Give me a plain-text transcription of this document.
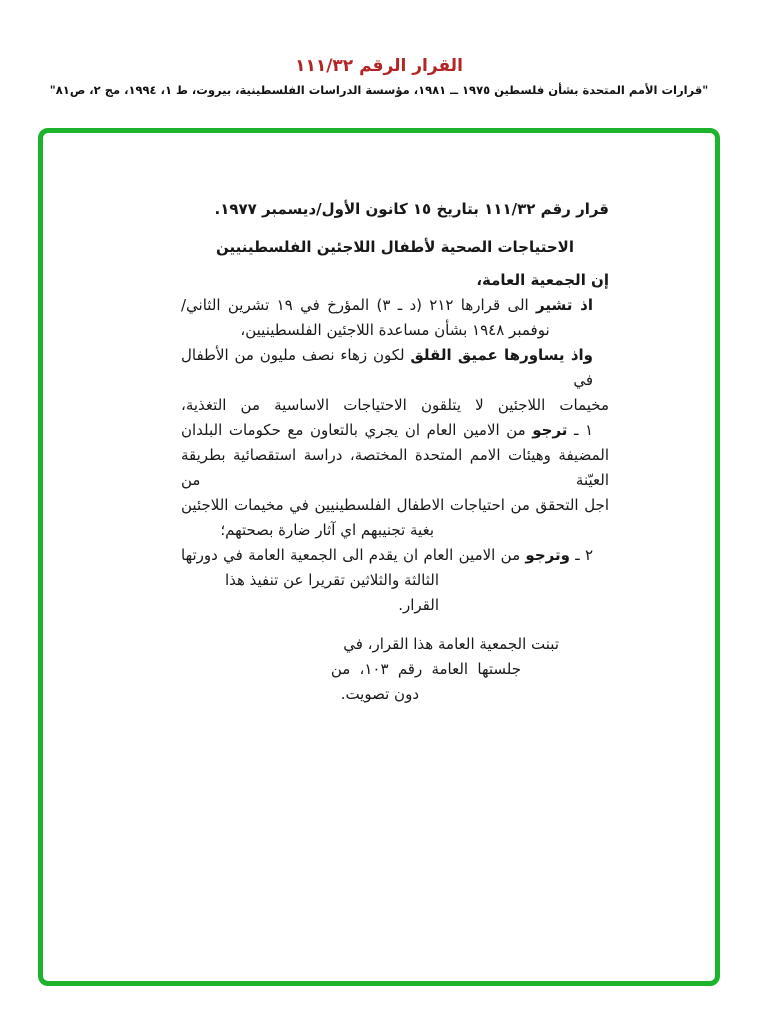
القرار الرقم ١١١/٣٢
"قرارات الأمم المتحدة بشأن فلسطين ١٩٧٥ ــ ١٩٨١، مؤسسة الدراسات الفلسطينية، بيروت، ط ١، ١٩٩٤، مج ٢، ص٨١"
قرار رقم ١١١/٣٢ بتاريخ ١٥ كانون الأول/ديسمبر ١٩٧٧.
الاحتياجات الصحية لأطفال اللاجئين الفلسطينيين
إن الجمعية العامة،
اذ تشير الى قرارها ٢١٢ (د ـ ٣) المؤرخ في ١٩ تشرين الثاني/
نوفمبر ١٩٤٨ بشأن مساعدة اللاجئين الفلسطينيين،
واذ يساورها عميق القلق لكون زهاء نصف مليون من الأطفال في
مخيمات اللاجئين لا يتلقون الاحتياجات الاساسية من التغذية،
١ ـ ترجو من الامين العام ان يجري بالتعاون مع حكومات البلدان
المضيفة وهيئات الامم المتحدة المختصة، دراسة استقصائية بطريقة العيّنة من
اجل التحقق من احتياجات الاطفال الفلسطينيين في مخيمات اللاجئين
بغية تجنيبهم اي آثار ضارة بصحتهم؛
٢ ـ وترجو من الامين العام ان يقدم الى الجمعية العامة في دورتها
الثالثة والثلاثين تقريرا عن تنفيذ هذا القرار.
تبنت الجمعية العامة هذا القرار، في
جلستها العامة رقم ١٠٣، من
دون تصويت.
